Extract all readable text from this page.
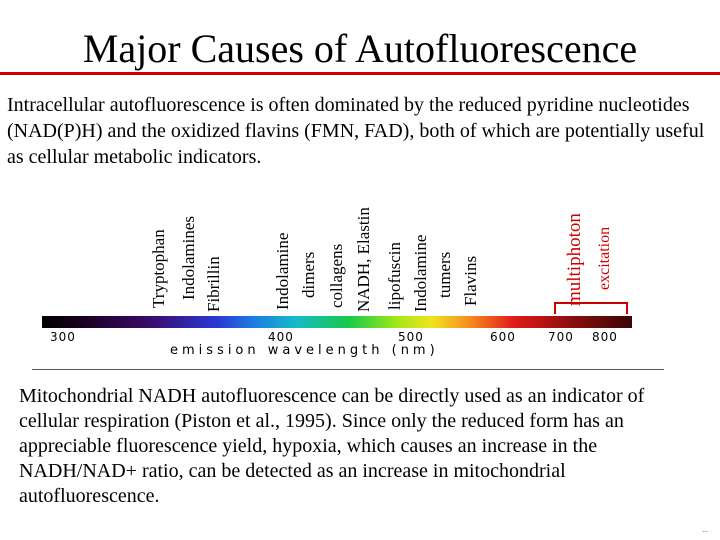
Major Causes of Autofluorescence
Intracellular autofluorescence is often dominated by the reduced pyridine nucleotides (NAD(P)H) and the oxidized flavins (FMN, FAD), both of which are potentially useful as cellular metabolic indicators.
Tryptophan Indolamines Fibrillin	Indolamine dimers collagens NADH, Elastin lipofuscin Indolamine tumers Flavins	multiphoton excitation
300	400	500	600	700 800
emission wavelength (nm)
Mitochondrial NADH autofluorescence can be directly used as an indicator of cellular respiration (Piston et al., 1995). Since only the reduced form has an appreciable fluorescence yield, hypoxia, which causes an increase in the NADH/NAD+ ratio, can be detected as an increase in mitochondrial autofluorescence.
...
